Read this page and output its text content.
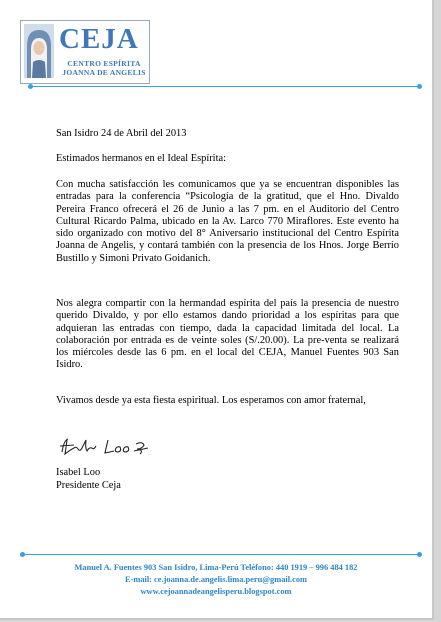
CEJA
CENTRO ESPÍRITA
JOANNA DE ANGELIS
San Isidro 24 de Abril del 2013
Estimados hermanos en el Ideal Espírita:
Con mucha satisfacción les comunicamos que ya se encuentran disponibles las entradas para la conferencia “Psicología de la gratitud, que el Hno. Divaldo Pereira Franco ofrecerá el 26 de Junio a las 7 pm. en el Auditorio del Centro Cultural Ricardo Palma, ubicado en la Av. Larco 770 Miraflores. Este evento ha sido organizado con motivo del 8° Aniversario institucional del Centro Espírita Joanna de Angelis, y contará también con la presencia de los Hnos. Jorge Berrío Bustillo y Simoni Privato Goidanich.
Nos alegra compartir con la hermandad espírita del país la presencia de nuestro querido Divaldo, y por ello estamos dando prioridad a los espíritas para que adquieran las entradas con tiempo, dada la capacidad limitada del local. La colaboración por entrada es de veinte soles (S/.20.00). La pre-venta se realizará los miércoles desde las 6 pm. en el local del CEJA, Manuel Fuentes 903 San Isidro.
Vivamos desde ya esta fiesta espiritual. Los esperamos con amor fraternal,
Isabel Loo
Presidente Ceja
Manuel A. Fuentes 903 San Isidro, Lima-Perú Teléfono: 440 1919 – 996 484 182
E-mail: ce.joanna.de.angelis.lima.peru@gmail.com
www.cejoannadeangelisperu.blogspot.com
